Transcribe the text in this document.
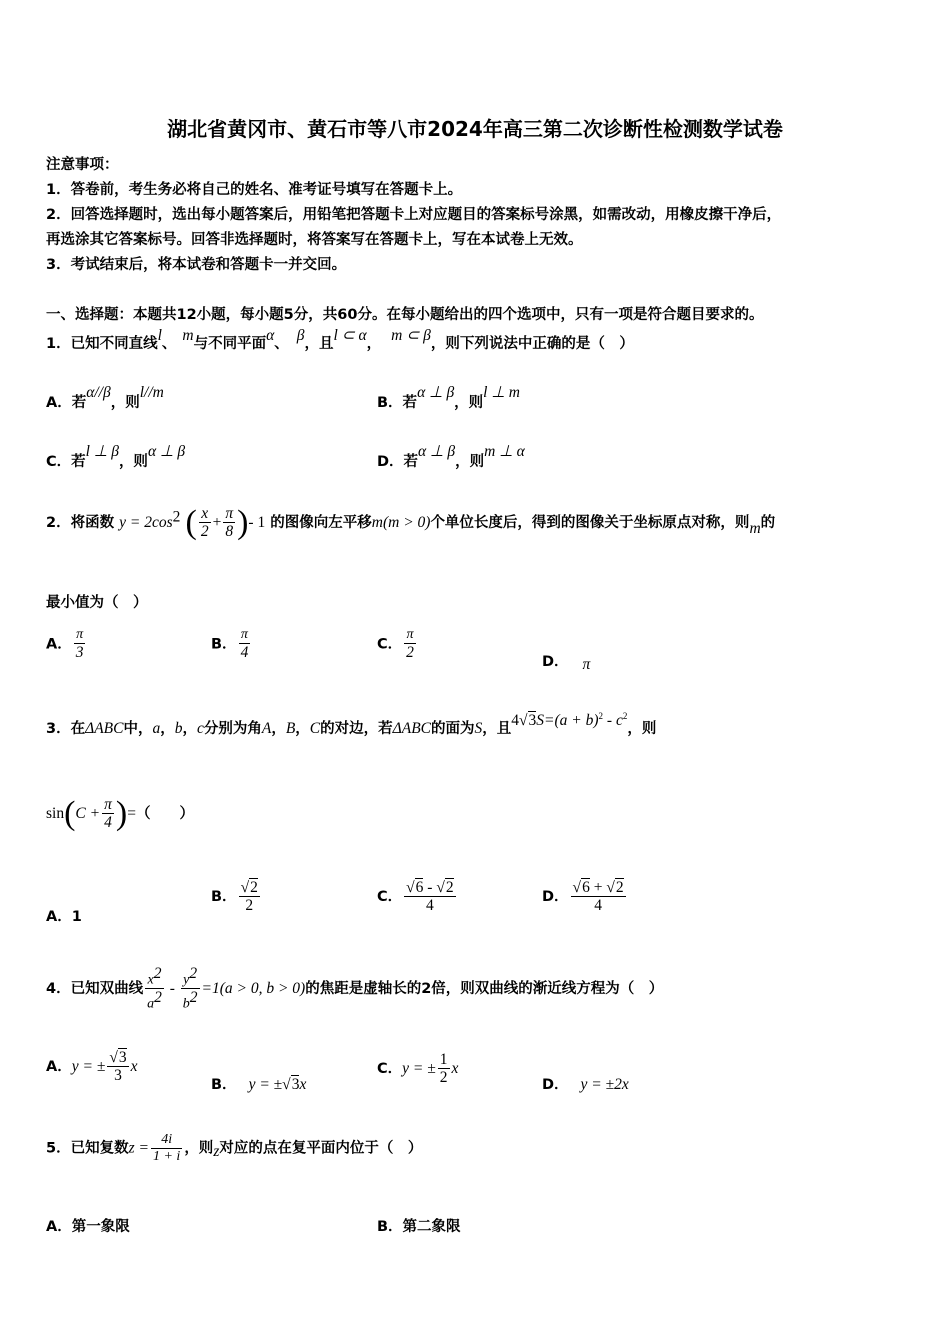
湖北省黄冈市、黄石市等八市2024年高三第二次诊断性检测数学试卷
注意事项：
1．答卷前，考生务必将自己的姓名、准考证号填写在答题卡上。
2．回答选择题时，选出每小题答案后，用铅笔把答题卡上对应题目的答案标号涂黑，如需改动，用橡皮擦干净后，
再选涂其它答案标号。回答非选择题时，将答案写在答题卡上，写在本试卷上无效。
3．考试结束后，将本试卷和答题卡一并交回。
一、选择题：本题共12小题，每小题5分，共60分。在每小题给出的四个选项中，只有一项是符合题目要求的。
1．已知不同直线l、 m与不同平面α、 β，且l ⊂ α， m ⊂ β，则下列说法中正确的是（　）
A．若α//β，则l//m
B．若α ⊥ β，则l ⊥ m
C．若l ⊥ β，则α ⊥ β
D．若α ⊥ β，则m ⊥ α
2．将函数 $y = 2\cos^2$ ( $\frac{x}{2} + \frac{\pi}{8}$ )- 1 的图像向左平移m(m > 0)个单位长度后，得到的图像关于坐标原点对称，则m的
最小值为（　）
A． $\frac{\pi}{3}$	B． $\frac{\pi}{4}$	C． $\frac{\pi}{2}$
D． π
3．在ΔABC中，a，b，c分别为角A，B，C的对边，若ΔABC的面为S，且$4√3S=(a + b)^2 - c^2$，则
$\sin(C + \frac{\pi}{4}$ )=（　　）
A．1
B． $\frac{√2}{2}$	C． $\frac{√6 - √2}{4}$	D． $\frac{√6 + √2}{4}$
4．已知双曲线 $\frac{x^2}{a^2} - \frac{y^2}{b^2} =1(a > 0$, b > 0)的焦距是虚轴长的2倍，则双曲线的渐近线方程为（　）
A．y = ± $\frac{√3}{3}$ x
B． y = ±√3x
C．y = ± $\frac{1}{2}$ x
D． y = ±2x
5．已知复数$z = \frac{4i}{1 + i}$ ，则z对应的点在复平面内位于（　）
A．第一象限	B．第二象限
